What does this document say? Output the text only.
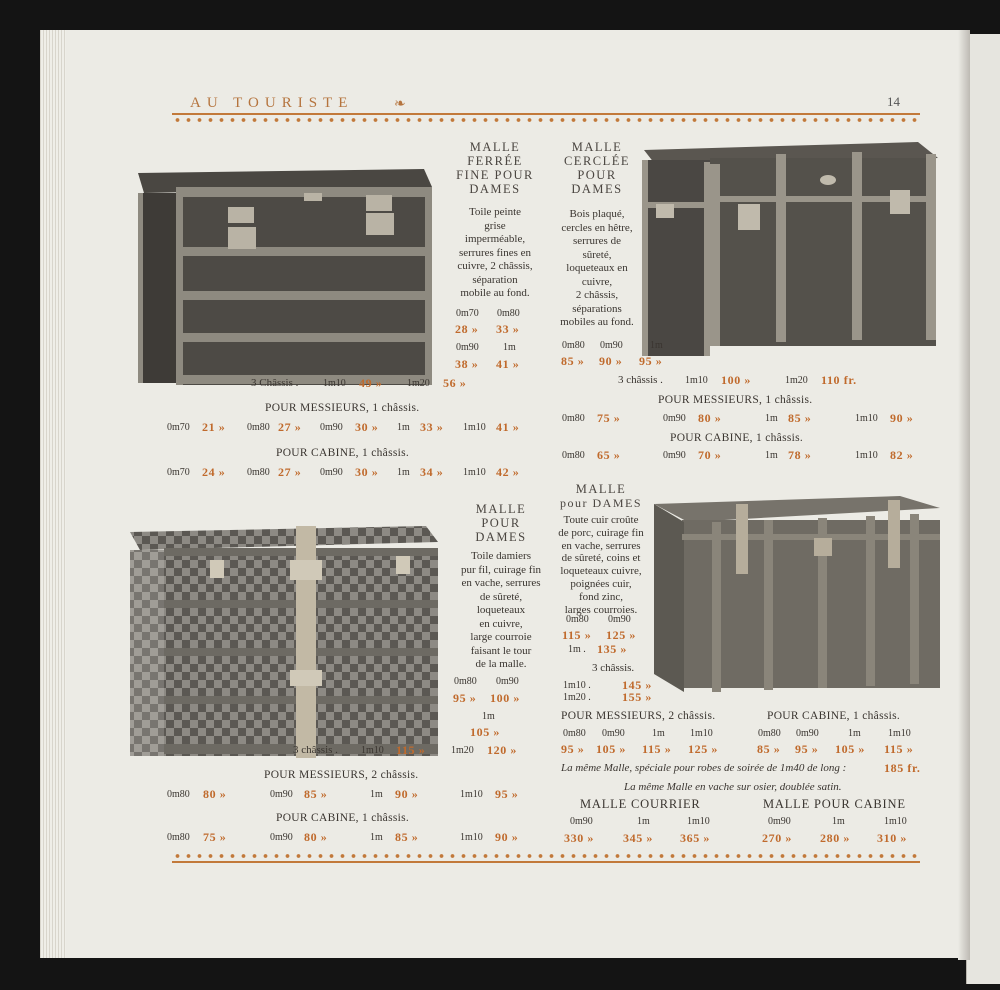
AU TOURISTE	❧	14
MALLE
FERRÉE
FINE POUR
DAMES
Toile peinte
grise
imperméable,
serrures fines en
cuivre, 2 châssis,
séparation
mobile au fond.
0m70 0m80
28 » 33 »
0m90 1m
38 » 41 »
3 Châssis . 1m10 49 » 1m20 56 »
POUR MESSIEURS, 1 châssis.
0m70 21 » 0m80 27 » 0m90 30 » 1m 33 » 1m10 41 »
POUR CABINE, 1 châssis.
0m70 24 » 0m80 27 » 0m90 30 » 1m 34 » 1m10 42 »
MALLE
CERCLÉE
POUR
DAMES
Bois plaqué,
cercles en hêtre,
serrures de
sûreté,
loqueteaux en
cuivre,
2 châssis,
séparations
mobiles au fond.
0m80 0m90	1m
85 » 90 » 95 »
3 châssis . 1m10 100 »	1m20 110 fr.
POUR MESSIEURS, 1 châssis.
0m80 75 »	0m90 80 »	1m 85 »	1m10 90 »
POUR CABINE, 1 châssis.
0m80 65 »	0m90 70 »	1m 78 »	1m10 82 »
MALLE
POUR
DAMES
Toile damiers
pur fil, cuirage fin
en vache, serrures
de sûreté,
loqueteaux
en cuivre,
large courroie
faisant le tour
de la malle.
0m80 0m90
95 » 100 »
1m
105 »
3 châssis . 1m10 115 »	1m20 120 »
POUR MESSIEURS, 2 châssis.
0m80 80 »	0m90 85 »	1m 90 »	1m10 95 »
POUR CABINE, 1 châssis.
0m80 75 »	0m90 80 »	1m 85 »	1m10 90 »
MALLE
pour DAMES
Toute cuir croûte
de porc, cuirage fin
en vache, serrures
de sûreté, coins et
loqueteaux cuivre,
poignées cuir,
fond zinc,
larges courroies.
0m80 0m90
115 » 125 »
1m . 135 »
3 châssis.
1m10 .	145 »
1m20 .	155 »
POUR MESSIEURS, 2 châssis.
0m80 0m90	1m	1m10
95 » 105 » 115 » 125 »
POUR CABINE, 1 châssis.
0m80 0m90	1m	1m10
85 » 95 » 105 » 115 »
La même Malle, spéciale pour robes de soirée de 1m40 de long :	185 fr.
La même Malle en vache sur osier, doublée satin.
MALLE COURRIER
0m90	1m	1m10
330 » 345 » 365 »
MALLE POUR CABINE
0m90	1m	1m10
270 » 280 » 310 »
